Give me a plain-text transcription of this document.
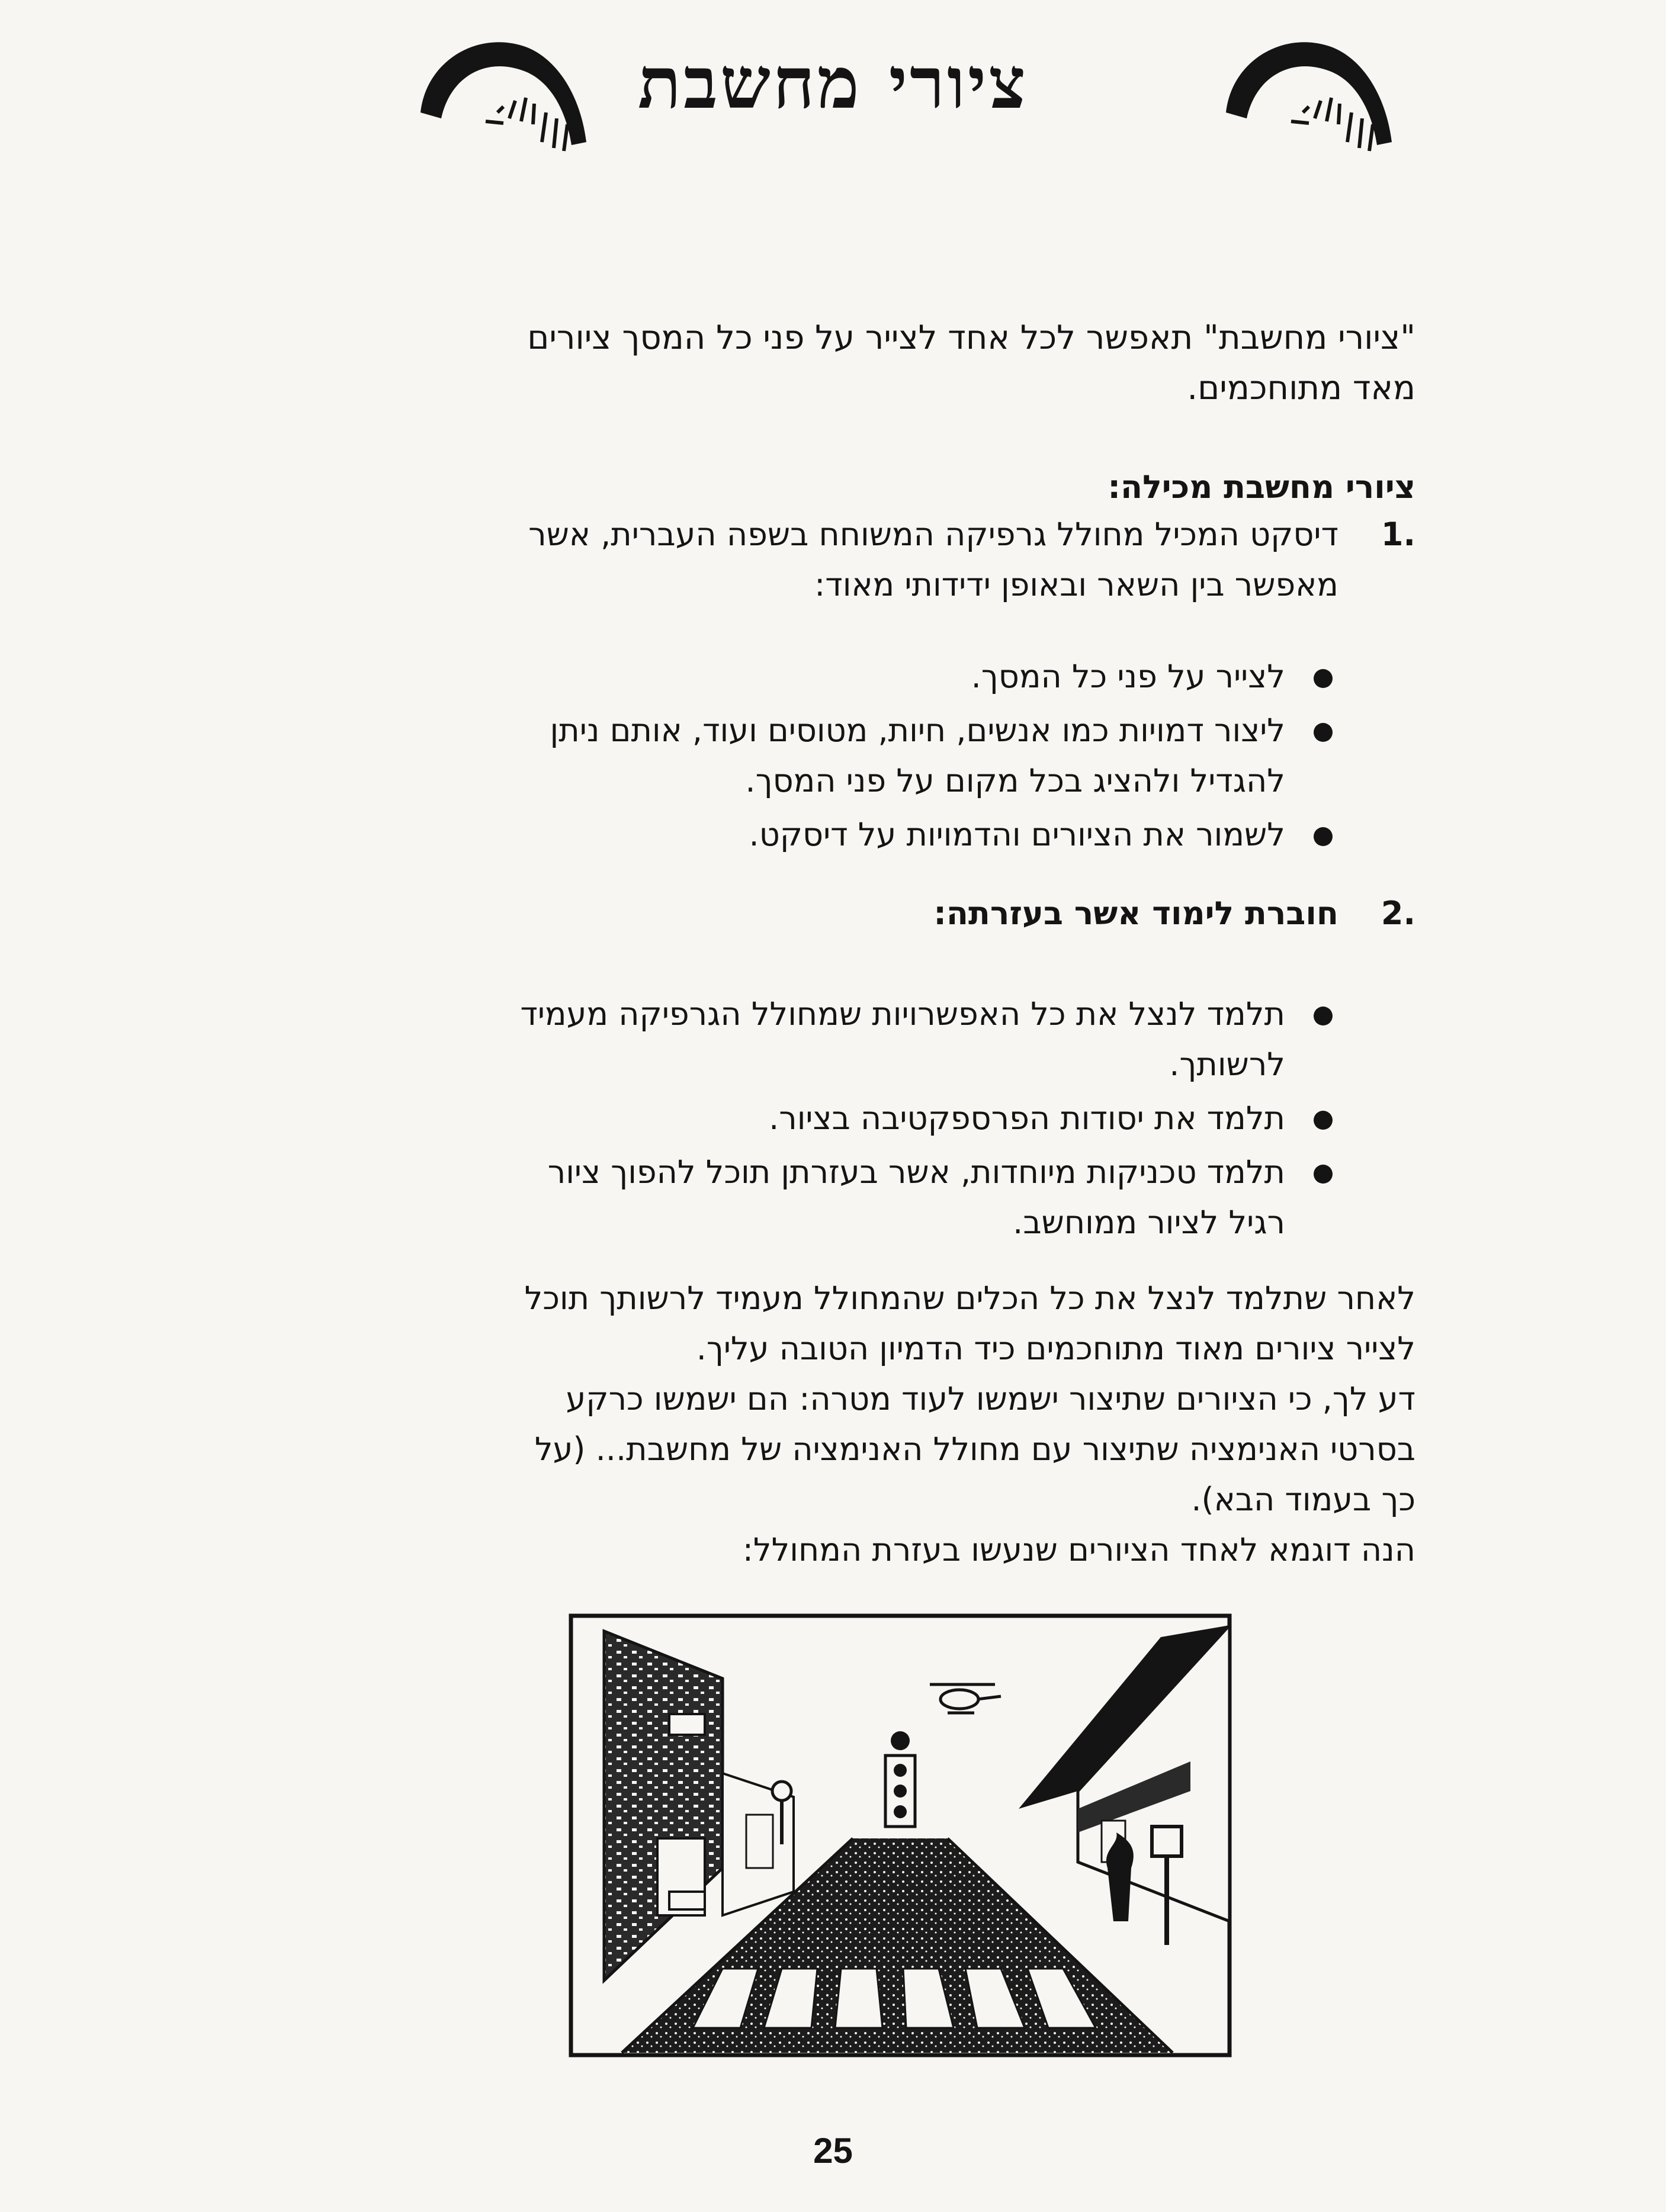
ציורי מחשבת

"ציורי מחשבת" תאפשר לכל אחד לצייר על פני כל המסך ציורים
מאד מתוחכמים.

ציורי מחשבת מכילה:

.1
דיסקט המכיל מחולל גרפיקה המשוחח בשפה העברית, אשר
מאפשר בין השאר ובאופן ידידותי מאוד:
לצייר על פני כל המסך.
ליצור דמויות כמו אנשים, חיות, מטוסים ועוד, אותם ניתן
להגדיל ולהציג בכל מקום על פני המסך.
לשמור את הציורים והדמויות על דיסקט.
.2
חוברת לימוד אשר בעזרתה:
תלמד לנצל את כל האפשרויות שמחולל הגרפיקה מעמיד
לרשותך.
תלמד את יסודות הפרספקטיבה בציור.
תלמד טכניקות מיוחדות, אשר בעזרתן תוכל להפוך ציור
רגיל לציור ממוחשב.

לאחר שתלמד לנצל את כל הכלים שהמחולל מעמיד לרשותך תוכל
לצייר ציורים מאוד מתוחכמים כיד הדמיון הטובה עליך.
דע לך, כי הציורים שתיצור ישמשו לעוד מטרה: הם ישמשו כרקע
בסרטי האנימציה שתיצור עם מחולל האנימציה של מחשבת... (על
כך בעמוד הבא).
הנה דוגמא לאחד הציורים שנעשו בעזרת המחולל:

25
